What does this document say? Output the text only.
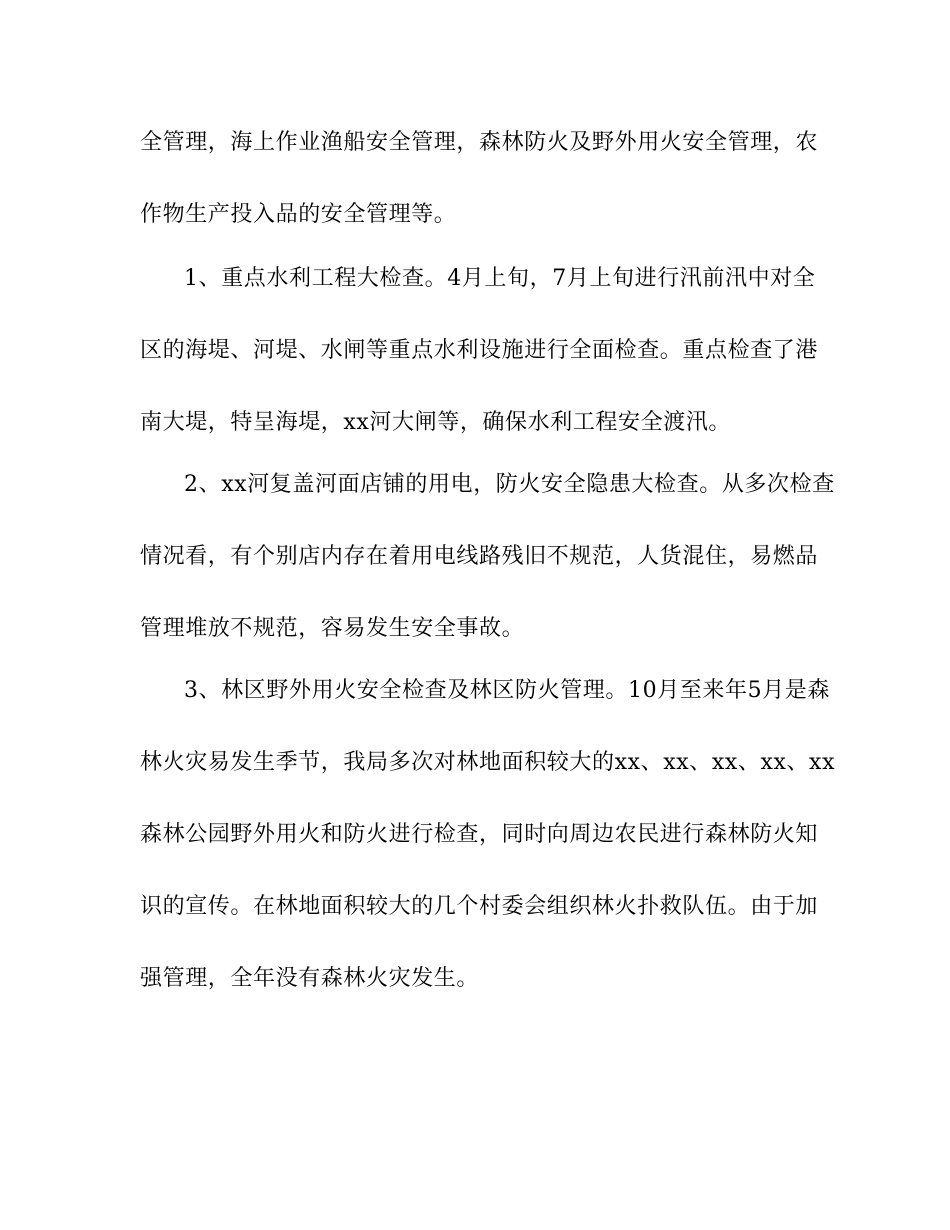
全管理，海上作业渔船安全管理，森林防火及野外用火安全管理，农
作物生产投入品的安全管理等。
1、重点水利工程大检查。4月上旬，7月上旬进行汛前汛中对全
区的海堤、河堤、水闸等重点水利设施进行全面检查。重点检查了港
南大堤，特呈海堤，xx河大闸等，确保水利工程安全渡汛。
2、xx河复盖河面店铺的用电，防火安全隐患大检查。从多次检查
情况看，有个别店内存在着用电线路残旧不规范，人货混住，易燃品
管理堆放不规范，容易发生安全事故。
3、林区野外用火安全检查及林区防火管理。10月至来年5月是森
林火灾易发生季节，我局多次对林地面积较大的xx、xx、xx、xx、xx
森林公园野外用火和防火进行检查，同时向周边农民进行森林防火知
识的宣传。在林地面积较大的几个村委会组织林火扑救队伍。由于加
强管理，全年没有森林火灾发生。
